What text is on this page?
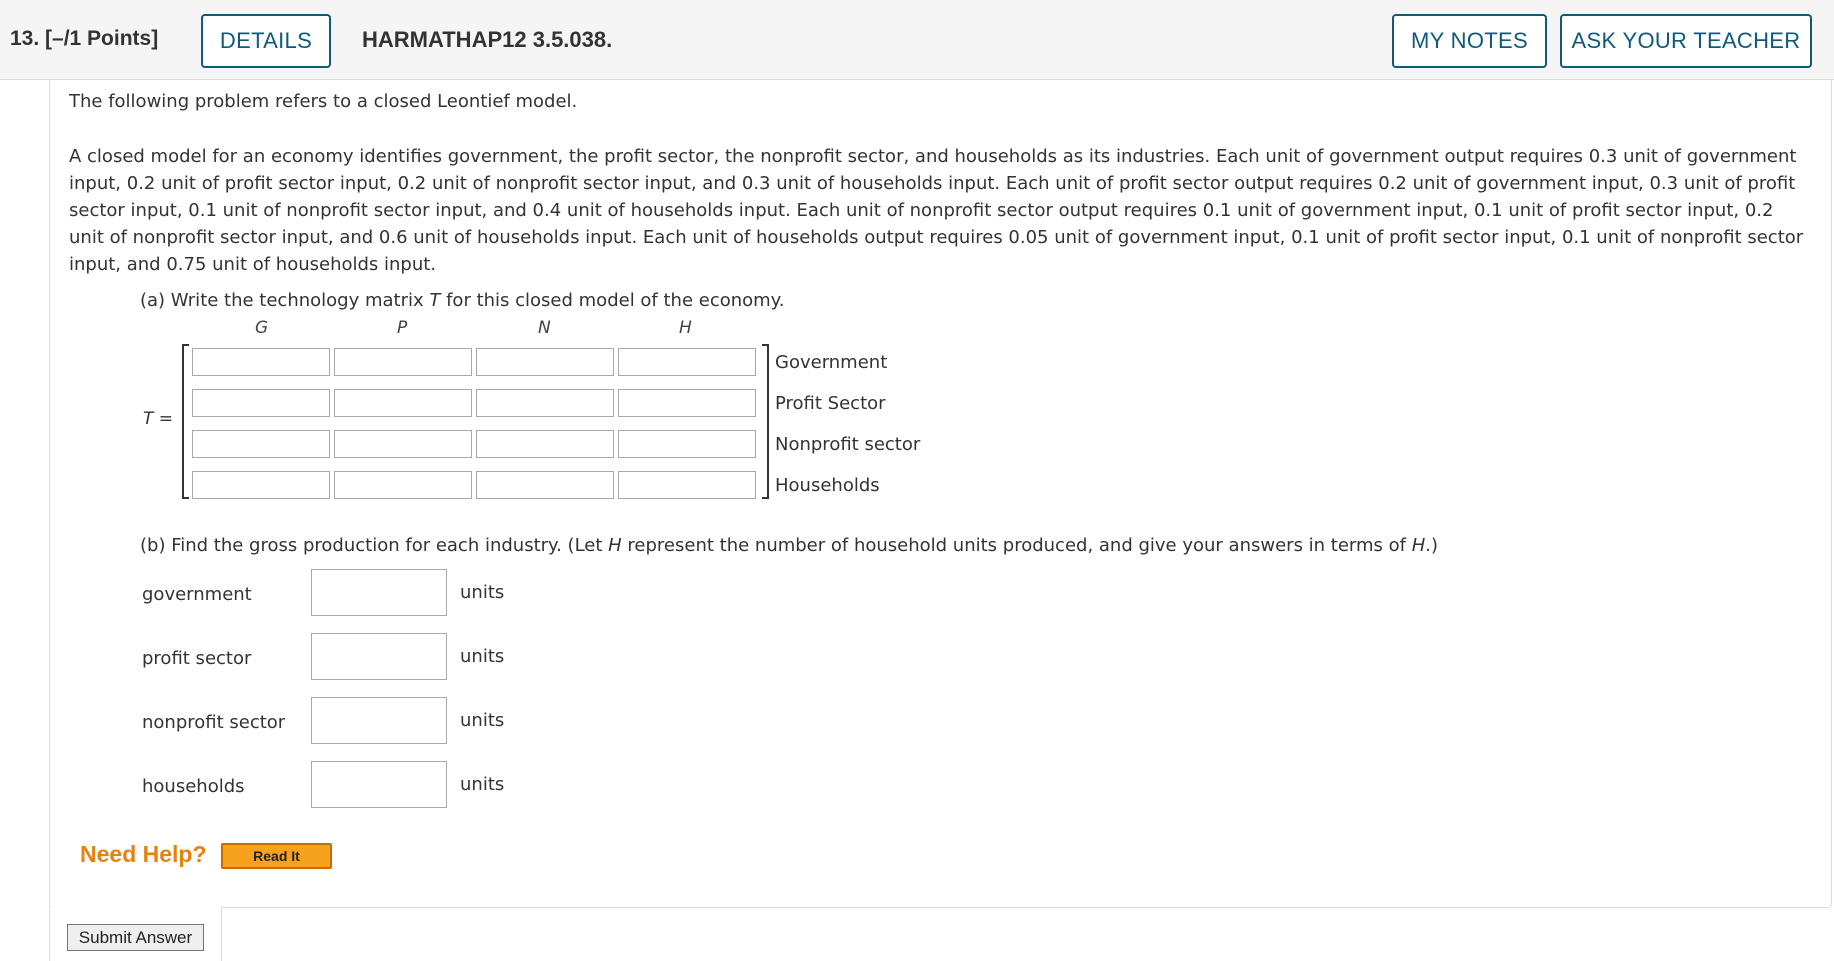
13. [–/1 Points]	DETAILS	HARMATHAP12 3.5.038.	MY NOTES	ASK YOUR TEACHER
The following problem refers to a closed Leontief model.
A closed model for an economy identifies government, the profit sector, the nonprofit sector, and households as its industries. Each unit of government output requires 0.3 unit of government input, 0.2 unit of profit sector input, 0.2 unit of nonprofit sector input, and 0.3 unit of households input. Each unit of profit sector output requires 0.2 unit of government input, 0.3 unit of profit sector input, 0.1 unit of nonprofit sector input, and 0.4 unit of households input. Each unit of nonprofit sector output requires 0.1 unit of government input, 0.1 unit of profit sector input, 0.2 unit of nonprofit sector input, and 0.6 unit of households input. Each unit of households output requires 0.05 unit of government input, 0.1 unit of profit sector input, 0.1 unit of nonprofit sector input, and 0.75 unit of households input.
(a) Write the technology matrix T for this closed model of the economy.
G	P	N	H
T =
Government
Profit Sector
Nonprofit sector
Households
(b) Find the gross production for each industry. (Let H represent the number of household units produced, and give your answers in terms of H.)
government	units
profit sector	units
nonprofit sector	units
households	units
Need Help?	Read It
Submit Answer
